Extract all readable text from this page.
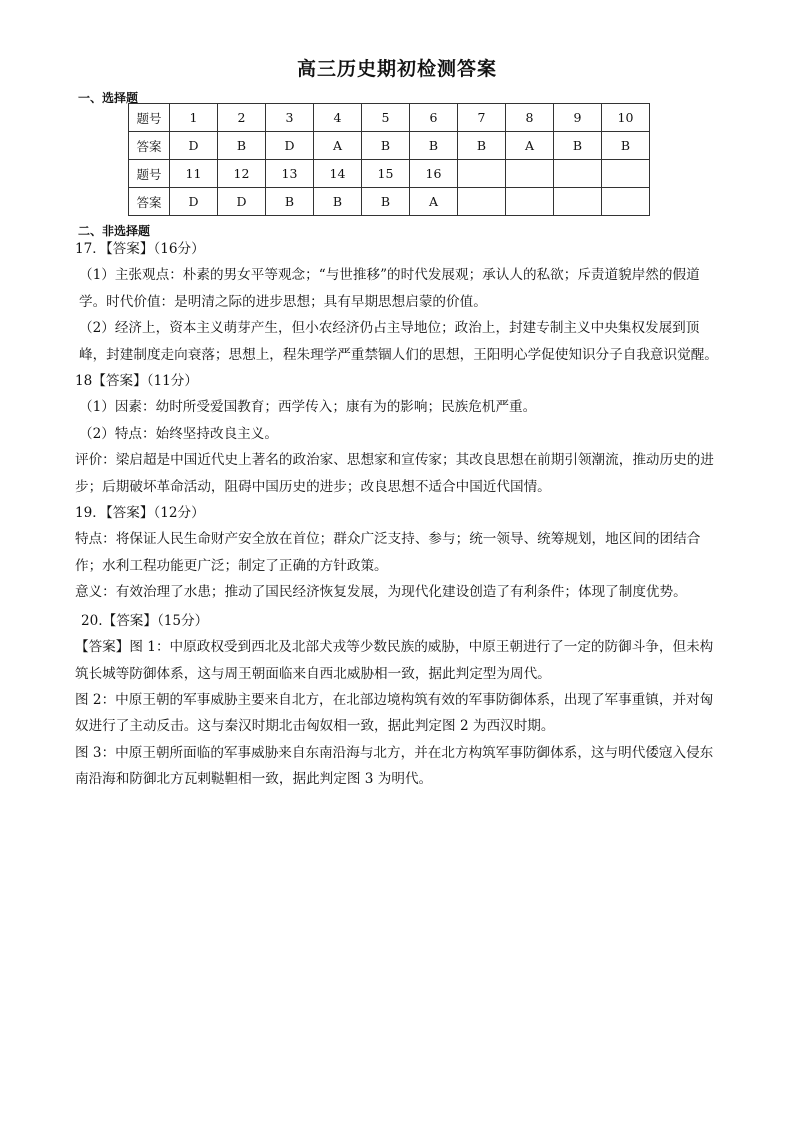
高三历史期初检测答案
一、选择题
题号	1	2	3	4	5	6	7	8	9	10
答案	D	B	D	A	B	B	B	A	B	B
题号	11	12	13	14	15	16				
答案	D	D	B	B	B	A				
二、非选择题

17．【答案】（16分）

（1）主张观点：朴素的男女平等观念；“与世推移”的时代发展观；承认人的私欲；斥责道貌岸然的假道学。时代价值：是明清之际的进步思想；具有早期思想启蒙的价值。

（2）经济上，资本主义萌芽产生，但小农经济仍占主导地位；政治上，封建专制主义中央集权发展到顶峰，封建制度走向衰落；思想上，程朱理学严重禁锢人们的思想，王阳明心学促使知识分子自我意识觉醒。

18【答案】（11分）

（1）因素：幼时所受爱国教育；西学传入；康有为的影响；民族危机严重。

（2）特点：始终坚持改良主义。

评价：梁启超是中国近代史上著名的政治家、思想家和宣传家；其改良思想在前期引领潮流，推动历史的进步；后期破坏革命活动，阻碍中国历史的进步；改良思想不适合中国近代国情。

19．【答案】（12分）

特点：将保证人民生命财产安全放在首位；群众广泛支持、参与；统一领导、统筹规划，地区间的团结合作；水利工程功能更广泛；制定了正确的方针政策。

意义：有效治理了水患；推动了国民经济恢复发展，为现代化建设创造了有利条件；体现了制度优势。

20.【答案】（15分）

【答案】图 1：中原政权受到西北及北部犬戎等少数民族的威胁，中原王朝进行了一定的防御斗争，但未构筑长城等防御体系，这与周王朝面临来自西北威胁相一致，据此判定型为周代。

图 2：中原王朝的军事威胁主要来自北方，在北部边境构筑有效的军事防御体系，出现了军事重镇，并对匈奴进行了主动反击。这与秦汉时期北击匈奴相一致，据此判定图 2 为西汉时期。

图 3：中原王朝所面临的军事威胁来自东南沿海与北方，并在北方构筑军事防御体系，这与明代倭寇入侵东南沿海和防御北方瓦剌鞑靼相一致，据此判定图 3 为明代。
